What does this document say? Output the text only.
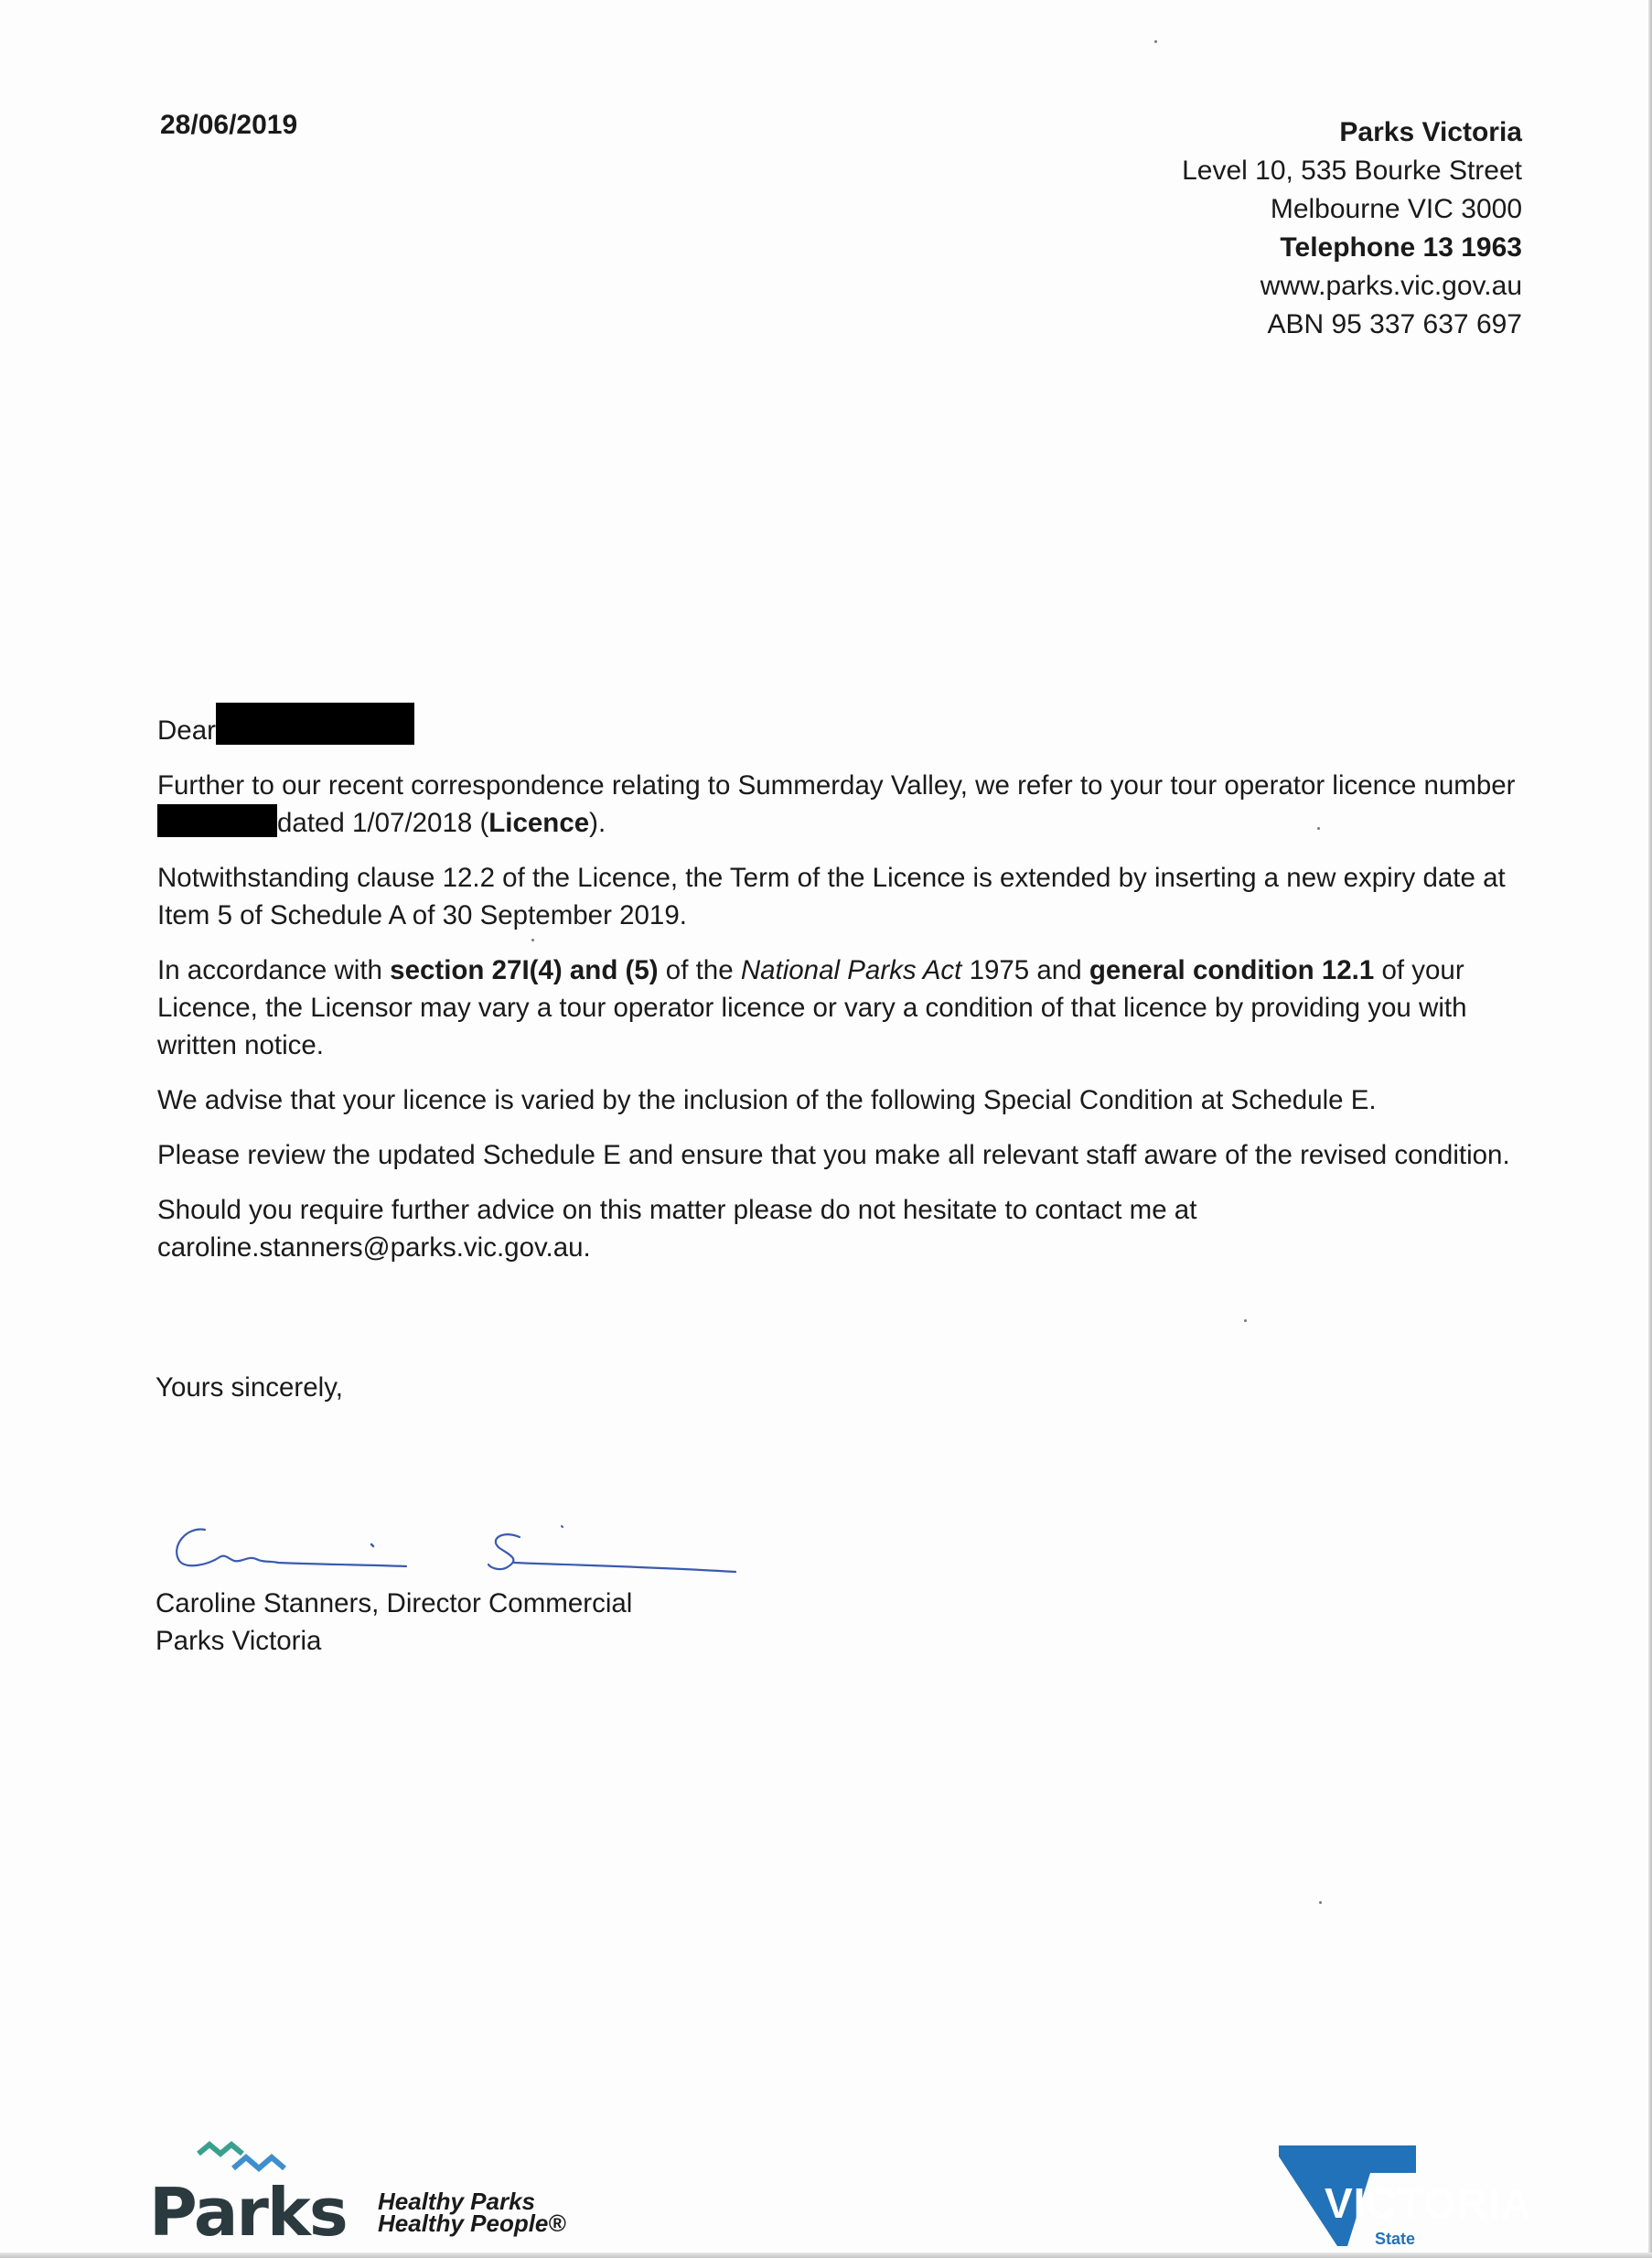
28/06/2019	Parks Victoria
Level 10, 535 Bourke Street
Melbourne VIC 3000
Telephone 13 1963
www.parks.vic.gov.au
ABN 95 337 637 697

Dear

Further to our recent correspondence relating to Summerday Valley, we refer to your tour operator licence numberdated 1/07/2018 (Licence).

Notwithstanding clause 12.2 of the Licence, the Term of the Licence is extended by inserting a new expiry date at Item 5 of Schedule A of 30 September 2019.

In accordance with section 27I(4) and (5) of the National Parks Act 1975 and general condition 12.1 of your Licence, the Licensor may vary a tour operator licence or vary a condition of that licence by providing you with written notice.

We advise that your licence is varied by the inclusion of the following Special Condition at Schedule E.

Please review the updated Schedule E and ensure that you make all relevant staff aware of the revised condition.

Should you require further advice on this matter please do not hesitate to contact me at caroline.stanners@parks.vic.gov.au.

Yours sincerely,
Caroline Stanners, Director Commercial
Parks Victoria
Parks Healthy Parks
Healthy People®	VICTORIA
State
